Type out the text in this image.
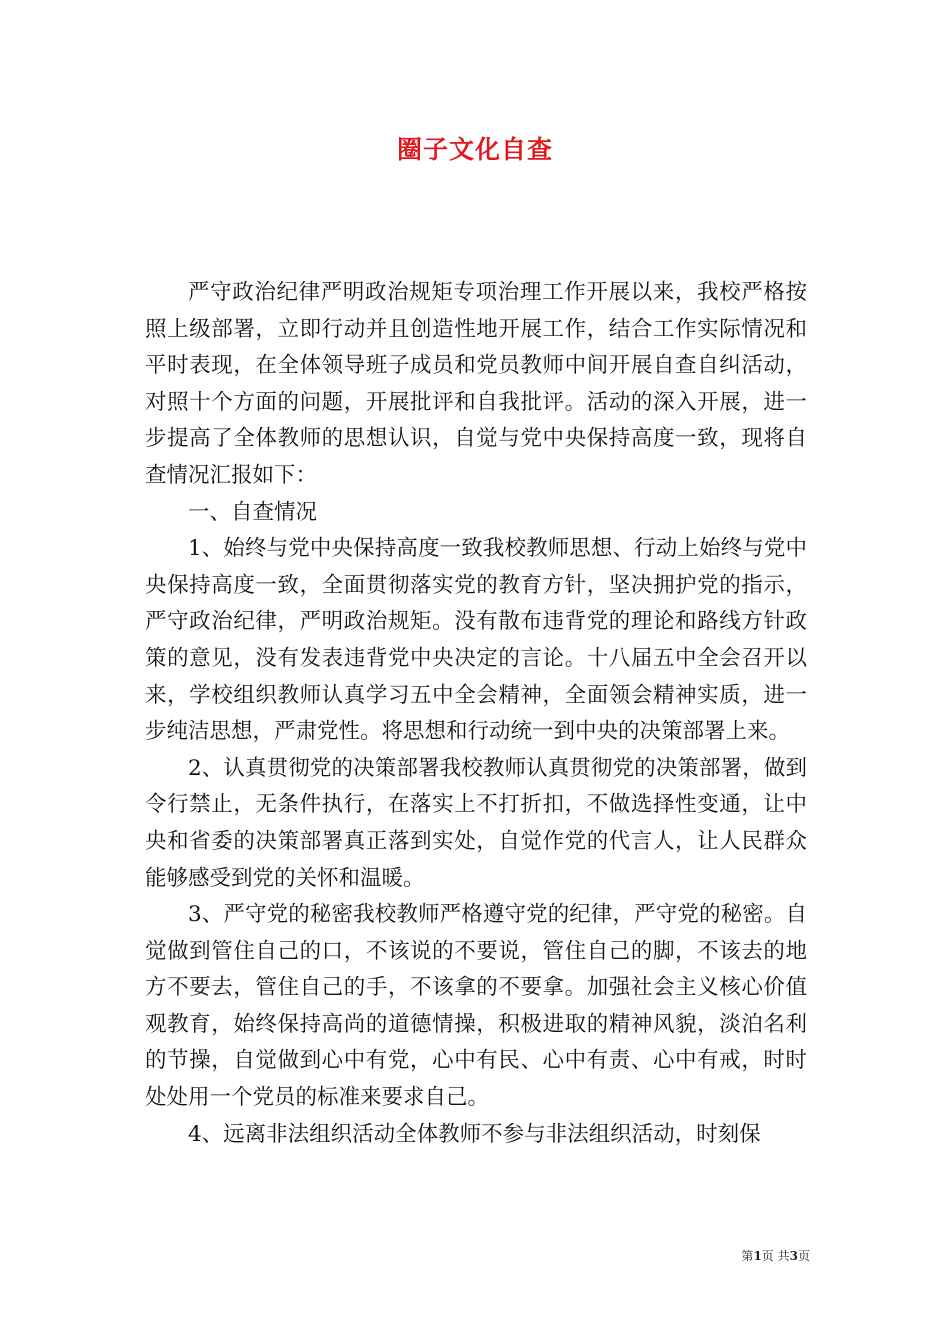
圈子文化自查

严守政治纪律严明政治规矩专项治理工作开展以来，我校严格按照上级部署，立即行动并且创造性地开展工作，结合工作实际情况和平时表现，在全体领导班子成员和党员教师中间开展自查自纠活动，对照十个方面的问题，开展批评和自我批评。活动的深入开展，进一步提高了全体教师的思想认识，自觉与党中央保持高度一致，现将自查情况汇报如下：

一、自查情况

1、始终与党中央保持高度一致我校教师思想、行动上始终与党中央保持高度一致，全面贯彻落实党的教育方针，坚决拥护党的指示，严守政治纪律，严明政治规矩。没有散布违背党的理论和路线方针政策的意见，没有发表违背党中央决定的言论。十八届五中全会召开以来，学校组织教师认真学习五中全会精神，全面领会精神实质，进一步纯洁思想，严肃党性。将思想和行动统一到中央的决策部署上来。

2、认真贯彻党的决策部署我校教师认真贯彻党的决策部署，做到令行禁止，无条件执行，在落实上不打折扣，不做选择性变通，让中央和省委的决策部署真正落到实处，自觉作党的代言人，让人民群众能够感受到党的关怀和温暖。

3、严守党的秘密我校教师严格遵守党的纪律，严守党的秘密。自觉做到管住自己的口，不该说的不要说，管住自己的脚，不该去的地方不要去，管住自己的手，不该拿的不要拿。加强社会主义核心价值观教育，始终保持高尚的道德情操，积极进取的精神风貌，淡泊名利的节操，自觉做到心中有党，心中有民、心中有责、心中有戒，时时处处用一个党员的标准来要求自己。

4、远离非法组织活动全体教师不参与非法组织活动，时刻保

第1页 共3页
